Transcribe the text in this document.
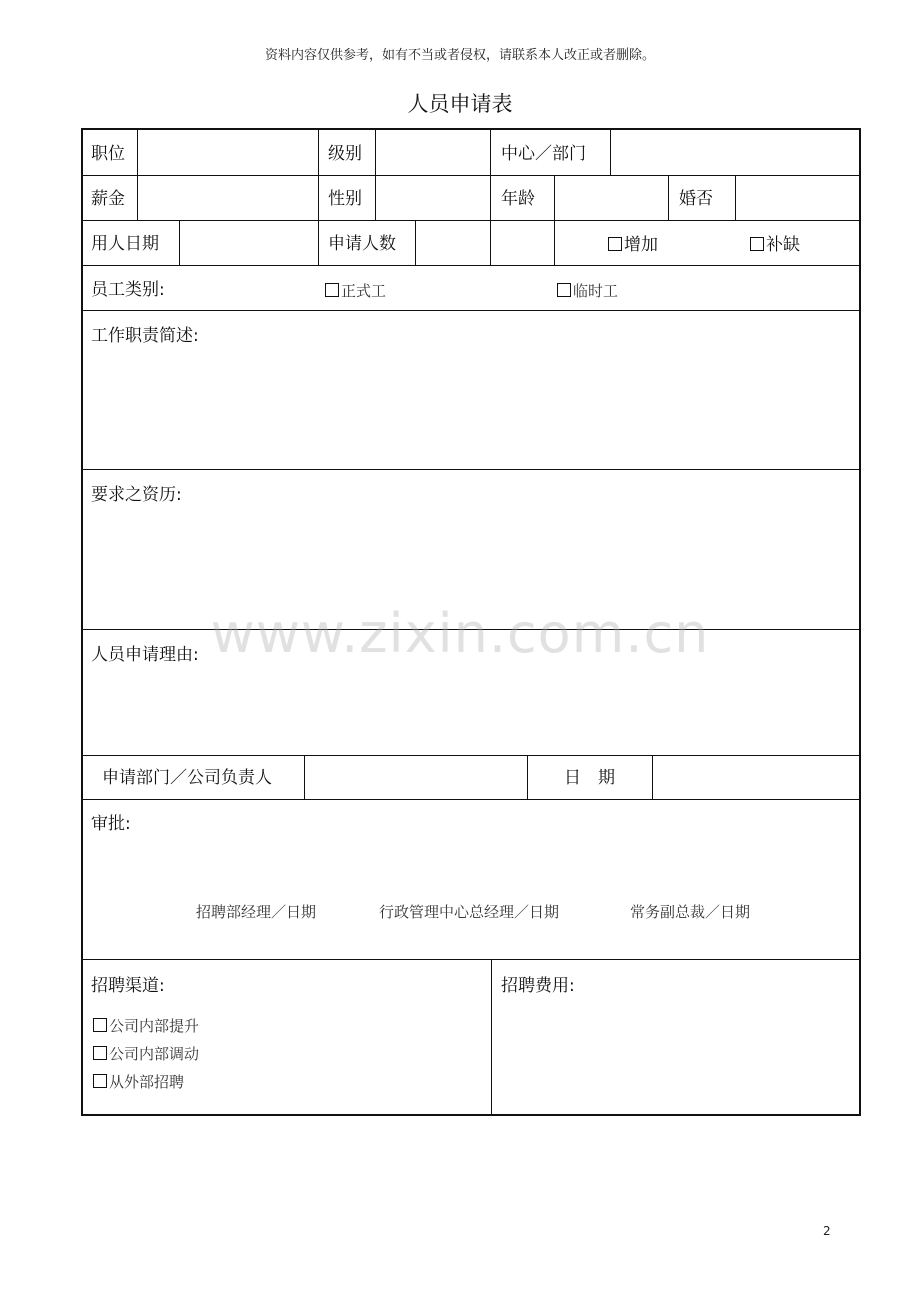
资料内容仅供参考，如有不当或者侵权，请联系本人改正或者删除。
人员申请表
职位	级别	中心／部门
薪金	性别	年龄	婚否
用人日期	申请人数	增加	补缺
员工类别:	正式工	临时工
工作职责简述:
要求之资历:
人员申请理由:
申请部门／公司负责人	日　期
审批:
招聘部经理／日期	行政管理中心总经理／日期	常务副总裁／日期
招聘渠道:
公司内部提升
公司内部调动
从外部招聘
招聘费用:
www.zixin.com.cn
2
